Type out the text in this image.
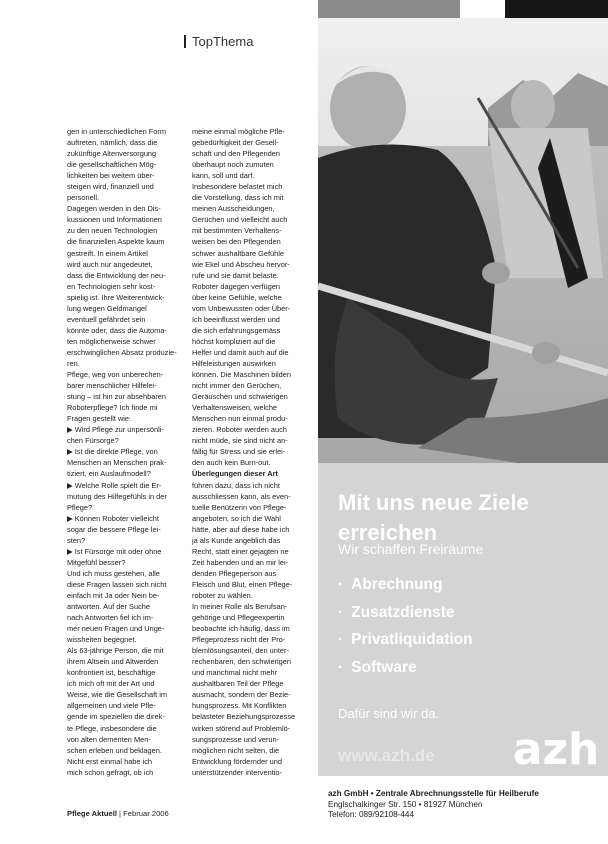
TopThema

gen in unterschiedlichen Form

auftreten, nämlich, dass die

zukünftige Altenversorgung

die gesellschaftlichen Mög-

lichkeiten bei weitem über-

steigen wird, finanziell und

personell.

Dagegen werden in den Dis-

kussionen und Informationen

zu den neuen Technologien

die finanziellen Aspekte kaum

gestreift. In einem Artikel

wird auch nur angedeutet,

dass die Entwicklung der neu-

en Technologien sehr kost-

spielig ist. Ihre Weiterentwick-

lung wegen Geldmangel

eventuell gefährdet sein

könnte oder, dass die Automa-

ten möglicherweise schwer

erschwinglichen Absatz produzie-

ren.

Pflege, weg von unberechen-

barer menschlicher Hilfelei-

stung – ist hin zur absehbaren

Roboterpflege? Ich finde mi

Fragen gestellt wie:

▶ Wird Pflege zur unpersönli-

chen Fürsorge?

▶ Ist die direkte Pflege, von

Menschen an Menschen prak-

tiziert, ein Auslaufmodell?

▶ Welche Rolle spielt die Er-

mutung des Hilfegefühls in der

Pflege?

▶ Können Roboter vielleicht

sogar die bessere Pflege lei-

sten?

▶ Ist Fürsorge mit oder ohne

Mitgefühl besser?

Und ich muss gestehen, alle

diese Fragen lassen sich nicht

einfach mit Ja oder Nein be-

antworten. Auf der Suche

nach Antworten fiel ich im-

mer neuen Fragen und Unge-

wissheiten begegnet.

Als 63-jährige Person, die mit

ihrem Altsein und Altwerden

konfrontiert ist, beschäftige

ich mich oft mit der Art und

Weise, wie die Gesellschaft im

allgemeinen und viele Pfle-

gende im speziellen die direk-

te Pflege, insbesondere die

von alten dementen Men-

schen erleben und beklagen.

Nicht erst einmal habe ich

mich schon gefragt, ob ich

meine einmal mögliche Pfle-

gebedürftigkeit der Gesell-

schaft und den Pflegenden

überhaupt noch zumuten

kann, soll und darf.

Insbesondere belastet mich

die Vorstellung, dass ich mit

meinen Ausscheidungen,

Gerüchen und vielleicht auch

mit bestimmten Verhaltens-

weisen bei den Pflegenden

schwer aushaltbare Gefühle

wie Ekel und Abscheu hervor-

rufe und sie damit belaste.

Roboter dagegen verfügen

über keine Gefühle, welche

vom Unbewussten oder Über-

Ich beeinflusst werden und

die sich erfahrungsgemäss

höchst kompliziert auf die

Helfer und damit auch auf die

Hilfeleistungen auswirken

können. Die Maschinen bilden

nicht immer den Gerüchen,

Geräuschen und schwierigen

Verhaltensweisen, welche

Menschen nun einmal produ-

zieren. Roboter werden auch

nicht müde, sie sind nicht an-

fällig für Stress und sie erlei-

den auch kein Burn-out.

Überlegungen dieser Art

führen dazu, dass ich nicht

ausschliessen kann, als even-

tuelle Benützerin von Pflege-

angeboten, so ich die Wahl

hätte, aber auf diese habe ich

ja als Kunde angeblich das

Recht, statt einer gejagten ne

Zeit habenden und an mir lei-

denden Pflegeperson aus

Fleisch und Blut, einen Pflege-

roboter zu wählen.

In meiner Rolle als Berufsan-

gehörige und Pflegeexpertin

beobachte ich häufig, dass im

Pflegeprozess nicht der Pro-

blemlösungsanteil, den unter-

rechenbaren, den schwierigen

und manchmal nicht mehr

aushaltbaren Teil der Pflege

ausmacht, sondern der Bezie-

hungsprozess. Mit Konflikten

belasteter Beziehungsprozesse

wirken störend auf Problemlö-

sungsprozesse und verun-

möglichen nicht selten, die

Entwicklung fördernder und

unterstützender interventio-

Pflege Aktuell | Februar 2006
Mit uns neue Ziele
erreichen
Wir schaffen Freiräume
· Abrechnung
· Zusatzdienste
· Privatliquidation
· Software
Dafür sind wir da.
www.azh.de azh
azh GmbH • Zentrale Abrechnungsstelle für Heilberufe
Englschalkinger Str. 150 • 81927 München
Telefon: 089/92108-444
